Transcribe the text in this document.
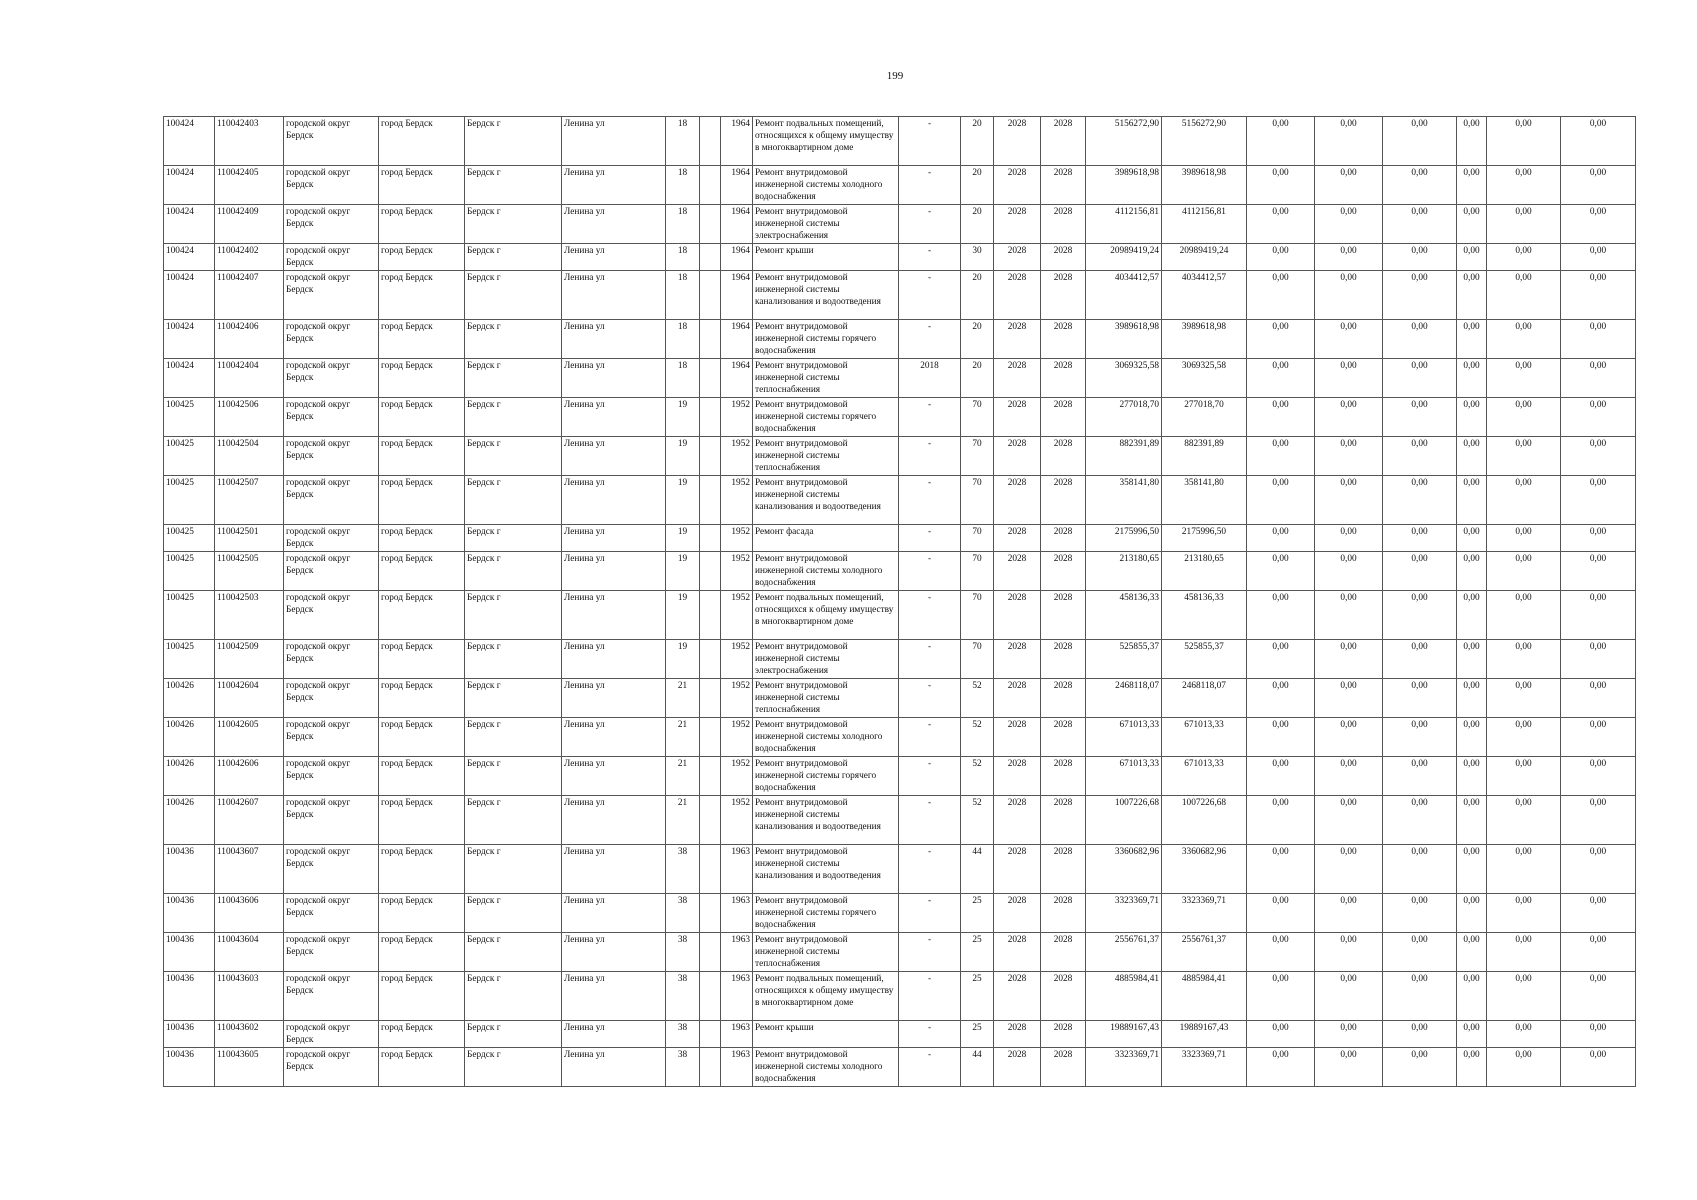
199
100424	110042403	городской округ Бердск	город Бердск	Бердск г	Ленина ул	18		1964	Ремонт подвальных помещений, относящихся к общему имуществу в многоквартирном доме	-	20	2028	2028	5156272,90	5156272,90	0,00	0,00	0,00	0,00	0,00	0,00
100424	110042405	городской округ Бердск	город Бердск	Бердск г	Ленина ул	18		1964	Ремонт внутридомовой инженерной системы холодного водоснабжения	-	20	2028	2028	3989618,98	3989618,98	0,00	0,00	0,00	0,00	0,00	0,00
100424	110042409	городской округ Бердск	город Бердск	Бердск г	Ленина ул	18		1964	Ремонт внутридомовой инженерной системы электроснабжения	-	20	2028	2028	4112156,81	4112156,81	0,00	0,00	0,00	0,00	0,00	0,00
100424	110042402	городской округ Бердск	город Бердск	Бердск г	Ленина ул	18		1964	Ремонт крыши	-	30	2028	2028	20989419,24	20989419,24	0,00	0,00	0,00	0,00	0,00	0,00
100424	110042407	городской округ Бердск	город Бердск	Бердск г	Ленина ул	18		1964	Ремонт внутридомовой инженерной системы канализования и водоотведения	-	20	2028	2028	4034412,57	4034412,57	0,00	0,00	0,00	0,00	0,00	0,00
100424	110042406	городской округ Бердск	город Бердск	Бердск г	Ленина ул	18		1964	Ремонт внутридомовой инженерной системы горячего водоснабжения	-	20	2028	2028	3989618,98	3989618,98	0,00	0,00	0,00	0,00	0,00	0,00
100424	110042404	городской округ Бердск	город Бердск	Бердск г	Ленина ул	18		1964	Ремонт внутридомовой инженерной системы теплоснабжения	2018	20	2028	2028	3069325,58	3069325,58	0,00	0,00	0,00	0,00	0,00	0,00
100425	110042506	городской округ Бердск	город Бердск	Бердск г	Ленина ул	19		1952	Ремонт внутридомовой инженерной системы горячего водоснабжения	-	70	2028	2028	277018,70	277018,70	0,00	0,00	0,00	0,00	0,00	0,00
100425	110042504	городской округ Бердск	город Бердск	Бердск г	Ленина ул	19		1952	Ремонт внутридомовой инженерной системы теплоснабжения	-	70	2028	2028	882391,89	882391,89	0,00	0,00	0,00	0,00	0,00	0,00
100425	110042507	городской округ Бердск	город Бердск	Бердск г	Ленина ул	19		1952	Ремонт внутридомовой инженерной системы канализования и водоотведения	-	70	2028	2028	358141,80	358141,80	0,00	0,00	0,00	0,00	0,00	0,00
100425	110042501	городской округ Бердск	город Бердск	Бердск г	Ленина ул	19		1952	Ремонт фасада	-	70	2028	2028	2175996,50	2175996,50	0,00	0,00	0,00	0,00	0,00	0,00
100425	110042505	городской округ Бердск	город Бердск	Бердск г	Ленина ул	19		1952	Ремонт внутридомовой инженерной системы холодного водоснабжения	-	70	2028	2028	213180,65	213180,65	0,00	0,00	0,00	0,00	0,00	0,00
100425	110042503	городской округ Бердск	город Бердск	Бердск г	Ленина ул	19		1952	Ремонт подвальных помещений, относящихся к общему имуществу в многоквартирном доме	-	70	2028	2028	458136,33	458136,33	0,00	0,00	0,00	0,00	0,00	0,00
100425	110042509	городской округ Бердск	город Бердск	Бердск г	Ленина ул	19		1952	Ремонт внутридомовой инженерной системы электроснабжения	-	70	2028	2028	525855,37	525855,37	0,00	0,00	0,00	0,00	0,00	0,00
100426	110042604	городской округ Бердск	город Бердск	Бердск г	Ленина ул	21		1952	Ремонт внутридомовой инженерной системы теплоснабжения	-	52	2028	2028	2468118,07	2468118,07	0,00	0,00	0,00	0,00	0,00	0,00
100426	110042605	городской округ Бердск	город Бердск	Бердск г	Ленина ул	21		1952	Ремонт внутридомовой инженерной системы холодного водоснабжения	-	52	2028	2028	671013,33	671013,33	0,00	0,00	0,00	0,00	0,00	0,00
100426	110042606	городской округ Бердск	город Бердск	Бердск г	Ленина ул	21		1952	Ремонт внутридомовой инженерной системы горячего водоснабжения	-	52	2028	2028	671013,33	671013,33	0,00	0,00	0,00	0,00	0,00	0,00
100426	110042607	городской округ Бердск	город Бердск	Бердск г	Ленина ул	21		1952	Ремонт внутридомовой инженерной системы канализования и водоотведения	-	52	2028	2028	1007226,68	1007226,68	0,00	0,00	0,00	0,00	0,00	0,00
100436	110043607	городской округ Бердск	город Бердск	Бердск г	Ленина ул	38		1963	Ремонт внутридомовой инженерной системы канализования и водоотведения	-	44	2028	2028	3360682,96	3360682,96	0,00	0,00	0,00	0,00	0,00	0,00
100436	110043606	городской округ Бердск	город Бердск	Бердск г	Ленина ул	38		1963	Ремонт внутридомовой инженерной системы горячего водоснабжения	-	25	2028	2028	3323369,71	3323369,71	0,00	0,00	0,00	0,00	0,00	0,00
100436	110043604	городской округ Бердск	город Бердск	Бердск г	Ленина ул	38		1963	Ремонт внутридомовой инженерной системы теплоснабжения	-	25	2028	2028	2556761,37	2556761,37	0,00	0,00	0,00	0,00	0,00	0,00
100436	110043603	городской округ Бердск	город Бердск	Бердск г	Ленина ул	38		1963	Ремонт подвальных помещений, относящихся к общему имуществу в многоквартирном доме	-	25	2028	2028	4885984,41	4885984,41	0,00	0,00	0,00	0,00	0,00	0,00
100436	110043602	городской округ Бердск	город Бердск	Бердск г	Ленина ул	38		1963	Ремонт крыши	-	25	2028	2028	19889167,43	19889167,43	0,00	0,00	0,00	0,00	0,00	0,00
100436	110043605	городской округ Бердск	город Бердск	Бердск г	Ленина ул	38		1963	Ремонт внутридомовой инженерной системы холодного водоснабжения	-	44	2028	2028	3323369,71	3323369,71	0,00	0,00	0,00	0,00	0,00	0,00
